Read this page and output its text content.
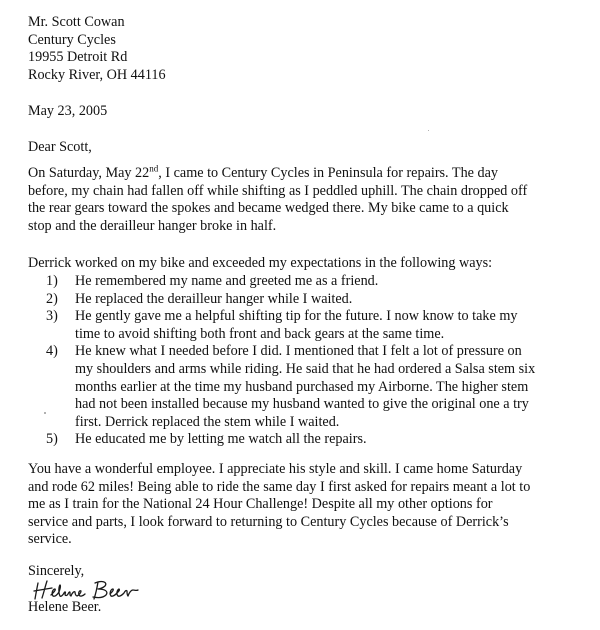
Mr. Scott Cowan
Century Cycles
19955 Detroit Rd
Rocky River, OH 44116
May 23, 2005
Dear Scott,
On Saturday, May 22nd, I came to Century Cycles in Peninsula for repairs. The day
before, my chain had fallen off while shifting as I peddled uphill. The chain dropped off
the rear gears toward the spokes and became wedged there. My bike came to a quick
stop and the derailleur hanger broke in half.
Derrick worked on my bike and exceeded my expectations in the following ways:
1) He remembered my name and greeted me as a friend.
2) He replaced the derailleur hanger while I waited.
3) He gently gave me a helpful shifting tip for the future. I now know to take my
time to avoid shifting both front and back gears at the same time.
4) He knew what I needed before I did. I mentioned that I felt a lot of pressure on
my shoulders and arms while riding. He said that he had ordered a Salsa stem six
months earlier at the time my husband purchased my Airborne. The higher stem
had not been installed because my husband wanted to give the original one a try
first. Derrick replaced the stem while I waited.
5) He educated me by letting me watch all the repairs.
You have a wonderful employee. I appreciate his style and skill. I came home Saturday
and rode 62 miles! Being able to ride the same day I first asked for repairs meant a lot to
me as I train for the National 24 Hour Challenge! Despite all my other options for
service and parts, I look forward to returning to Century Cycles because of Derrick’s
service.
Sincerely,
Helene Beer.
